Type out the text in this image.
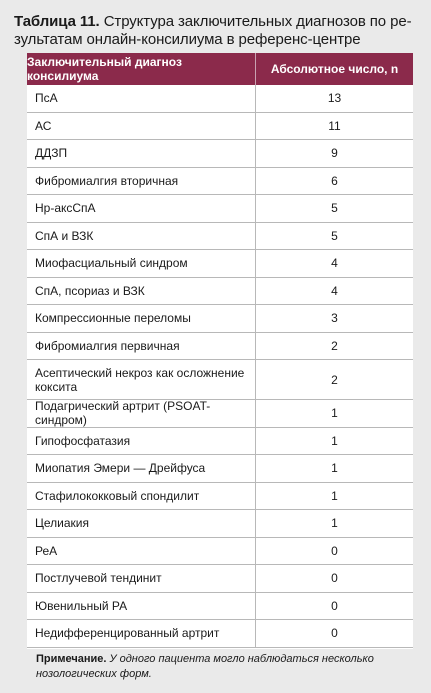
Таблица 11. Структура заключительных диагнозов по ре-зультатам онлайн-консилиума в референс-центре
Заключительный диагноз консилиума	Абсолютное число, n
ПсА	13
АС	11
ДДЗП	9
Фибромиалгия вторичная	6
Нр-аксСпА	5
СпА и ВЗК	5
Миофасциальный синдром	4
СпА, псориаз и ВЗК	4
Компрессионные переломы	3
Фибромиалгия первичная	2
Асептический некроз как осложнение коксита	2
Подагрический артрит (PSOAT-синдром)	1
Гипофосфатазия	1
Миопатия Эмери — Дрейфуса	1
Стафилококковый спондилит	1
Целиакия	1
РеА	0
Постлучевой тендинит	0
Ювенильный РА	0
Недифференцированный артрит	0
Примечание. У одного пациента могло наблюдаться несколько нозологических форм.
